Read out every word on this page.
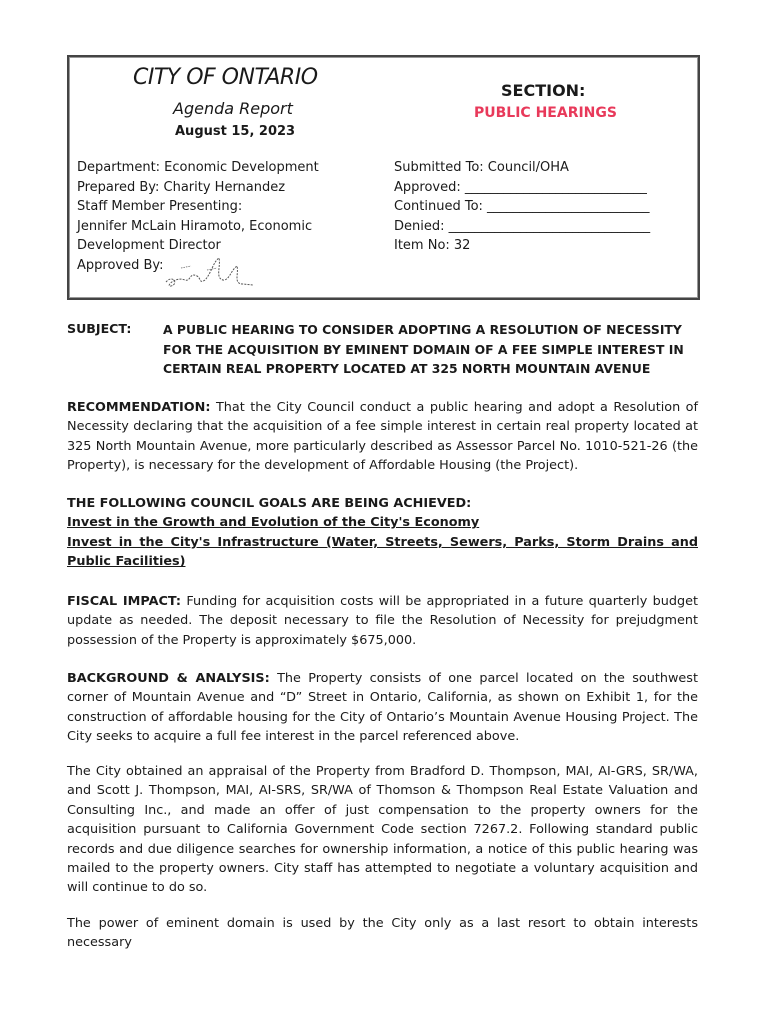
CITY OF ONTARIO
Agenda Report
August 15, 2023
SECTION:
PUBLIC HEARINGS
Department: Economic Development
Prepared By: Charity Hernandez
Staff Member Presenting:
Jennifer McLain Hiramoto, Economic
Development Director
Approved By:
Submitted To: Council/OHA
Approved: ____________________________
Continued To: _________________________
Denied: _______________________________
Item No: 32
SUBJECT:	A PUBLIC HEARING TO CONSIDER ADOPTING A RESOLUTION OF NECESSITY FOR THE ACQUISITION BY EMINENT DOMAIN OF A FEE SIMPLE INTEREST IN CERTAIN REAL PROPERTY LOCATED AT 325 NORTH MOUNTAIN AVENUE
RECOMMENDATION: That the City Council conduct a public hearing and adopt a Resolution of Necessity declaring that the acquisition of a fee simple interest in certain real property located at 325 North Mountain Avenue, more particularly described as Assessor Parcel No. 1010-521-26 (the Property), is necessary for the development of Affordable Housing (the Project).
THE FOLLOWING COUNCIL GOALS ARE BEING ACHIEVED:
Invest in the Growth and Evolution of the City's Economy
Invest in the City's Infrastructure (Water, Streets, Sewers, Parks, Storm Drains and Public Facilities)
FISCAL IMPACT: Funding for acquisition costs will be appropriated in a future quarterly budget update as needed. The deposit necessary to file the Resolution of Necessity for prejudgment possession of the Property is approximately $675,000.
BACKGROUND & ANALYSIS: The Property consists of one parcel located on the southwest corner of Mountain Avenue and “D” Street in Ontario, California, as shown on Exhibit 1, for the construction of affordable housing for the City of Ontario’s Mountain Avenue Housing Project. The City seeks to acquire a full fee interest in the parcel referenced above.
The City obtained an appraisal of the Property from Bradford D. Thompson, MAI, AI-GRS, SR/WA, and Scott J. Thompson, MAI, AI-SRS, SR/WA of Thomson & Thompson Real Estate Valuation and Consulting Inc., and made an offer of just compensation to the property owners for the acquisition pursuant to California Government Code section 7267.2. Following standard public records and due diligence searches for ownership information, a notice of this public hearing was mailed to the property owners. City staff has attempted to negotiate a voluntary acquisition and will continue to do so.
The power of eminent domain is used by the City only as a last resort to obtain interests necessary
